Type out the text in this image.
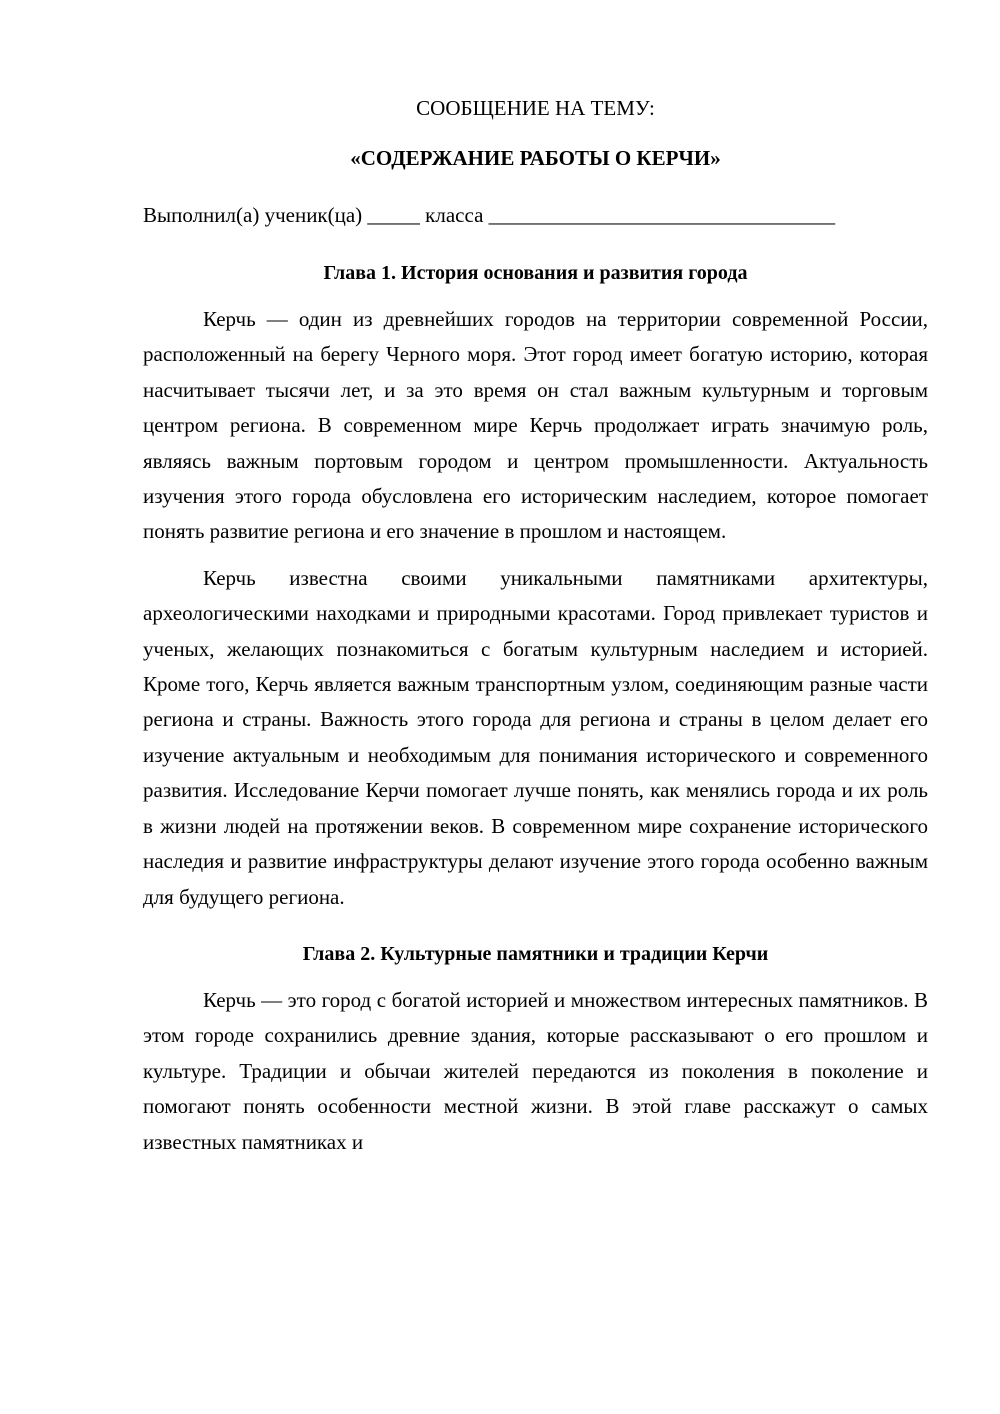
СООБЩЕНИЕ НА ТЕМУ:

«СОДЕРЖАНИЕ РАБОТЫ О КЕРЧИ»

Выполнил(а) ученик(ца) _____ класса _________________________________

Глава 1. История основания и развития города

Керчь — один из древнейших городов на территории современной России, расположенный на берегу Черного моря. Этот город имеет богатую историю, которая насчитывает тысячи лет, и за это время он стал важным культурным и торговым центром региона. В современном мире Керчь продолжает играть значимую роль, являясь важным портовым городом и центром промышленности. Актуальность изучения этого города обусловлена его историческим наследием, которое помогает понять развитие региона и его значение в прошлом и настоящем.

Керчь известна своими уникальными памятниками архитектуры, археологическими находками и природными красотами. Город привлекает туристов и ученых, желающих познакомиться с богатым культурным наследием и историей. Кроме того, Керчь является важным транспортным узлом, соединяющим разные части региона и страны. Важность этого города для региона и страны в целом делает его изучение актуальным и необходимым для понимания исторического и современного развития. Исследование Керчи помогает лучше понять, как менялись города и их роль в жизни людей на протяжении веков. В современном мире сохранение исторического наследия и развитие инфраструктуры делают изучение этого города особенно важным для будущего региона.

Глава 2. Культурные памятники и традиции Керчи

Керчь — это город с богатой историей и множеством интересных памятников. В этом городе сохранились древние здания, которые рассказывают о его прошлом и культуре. Традиции и обычаи жителей передаются из поколения в поколение и помогают понять особенности местной жизни. В этой главе расскажут о самых известных памятниках и
